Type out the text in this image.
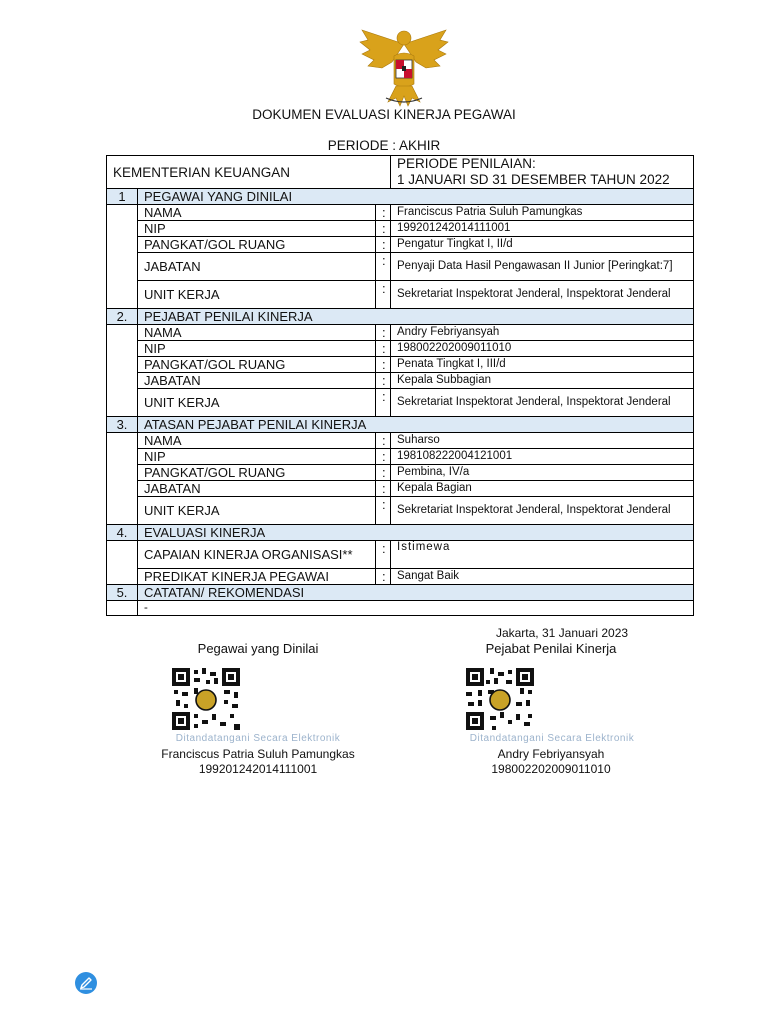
DOKUMEN EVALUASI KINERJA PEGAWAI
PERIODE : AKHIR
KEMENTERIAN KEUANGAN			PERIODE PENILAIAN:
1 JANUARI SD 31 DESEMBER TAHUN 2022

1	PEGAWAI YANG DINILAI		
	NAMA	:	Franciscus Patria Suluh Pamungkas
	NIP	:	199201242014111001
	PANGKAT/GOL RUANG	:	Pengatur Tingkat I, II/d
	JABATAN	:	Penyaji Data Hasil Pengawasan II Junior [Peringkat:7]
	UNIT KERJA	:	Sekretariat Inspektorat Jenderal, Inspektorat Jenderal
2.	PEJABAT PENILAI KINERJA		
	NAMA	:	Andry Febriyansyah
	NIP	:	198002202009011010
	PANGKAT/GOL RUANG	:	Penata Tingkat I, III/d
	JABATAN	:	Kepala Subbagian
	UNIT KERJA	:	Sekretariat Inspektorat Jenderal, Inspektorat Jenderal
3.	ATASAN PEJABAT PENILAI KINERJA		
	NAMA	:	Suharso
	NIP	:	198108222004121001
	PANGKAT/GOL RUANG	:	Pembina, IV/a
	JABATAN	:	Kepala Bagian
	UNIT KERJA	:	Sekretariat Inspektorat Jenderal, Inspektorat Jenderal
4.	EVALUASI KINERJA		
	CAPAIAN KINERJA ORGANISASI**	:	Istimewa
	PREDIKAT KINERJA PEGAWAI	:	Sangat Baik
5.	CATATAN/ REKOMENDASI		
	-		
Jakarta, 31 Januari 2023
Pegawai yang Dinilai	Pejabat Penilai Kinerja
Ditandatangani Secara Elektronik	Ditandatangani Secara Elektronik
Franciscus Patria Suluh Pamungkas	Andry Febriyansyah
199201242014111001	198002202009011010
